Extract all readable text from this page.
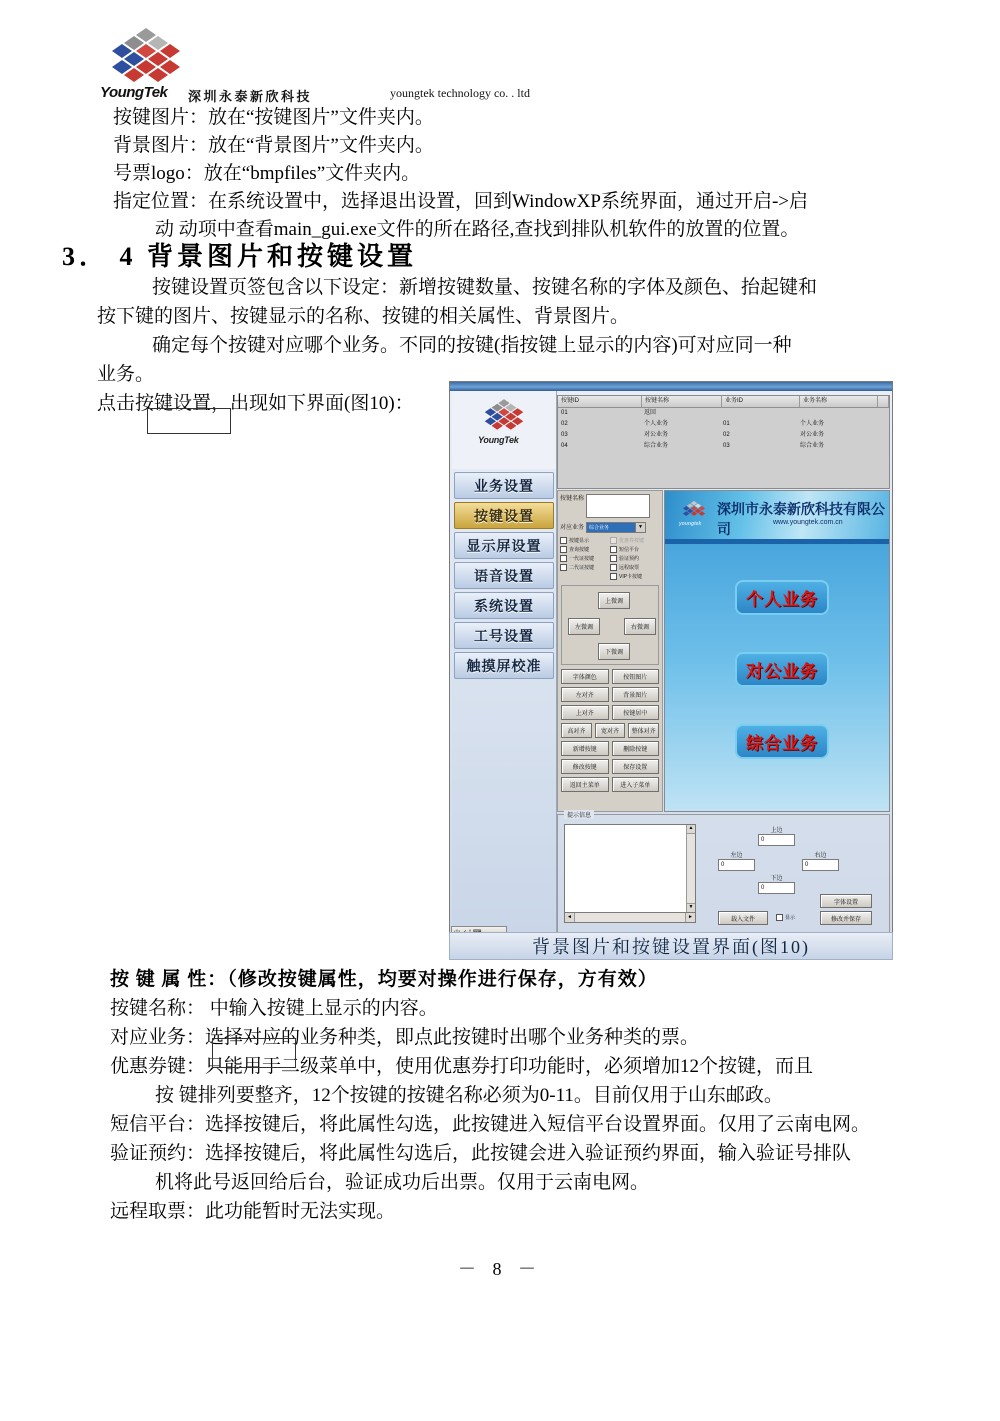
YoungTek 深圳永泰新欣科技	youngtek technology co. . ltd
按键图片：放在“按键图片”文件夹内。
背景图片：放在“背景图片”文件夹内。
号票logo：放在“bmpfiles”文件夹内。
指定位置：在系统设置中，选择退出设置，回到WindowXP系统界面，通过开启->启
动 动项中查看main_gui.exe文件的所在路径,查找到排队机软件的放置的位置。
3． 4 背景图片和按键设置
按键设置页签包含以下设定：新增按键数量、按键名称的字体及颜色、抬起键和
按下键的图片、按键显示的名称、按键的相关属性、背景图片。
确定每个按键对应哪个业务。不同的按键(指按键上显示的内容)可对应同一种
业务。
点击按键设置，出现如下界面(图10)：
YoungTek
业务设置
按键设置
显示屏设置
语音设置
系统设置
工号设置
触摸屏校准
按键ID	按键名称	业务ID	业务名称
01	返回
02	个人业务	01	个人业务
03	对公业务	02	对公业务
04	综合业务	03	综合业务
按键名称
对应业务	综合业务	▼
按键显示
查询按键
一代证按键
二代证按键
优惠券按键
短信平台
验证预约
远程取票
VIP卡按键
上微调
左微调	右微调
下微调
字体颜色	按钮图片
左对齐	背景图片
上对齐	按键居中
高对齐	宽对齐	整体对齐
新增按键	删除按键
修改按键	保存设置
返回主菜单	进入子菜单
youngtek
深圳市永泰新欣科技有限公司
www.youngtek.com.cn
个人业务
对公业务
综合业务
提示信息
▲
▼
◄	►
上边
0
左边
0
右边
0
下边
0
载入文件	显示
字体设置
修改并保存
背景图片和按键设置界面(图10)
按 键 属 性：（修改按键属性，均要对操作进行保存，方有效）
按键名称： 中输入按键上显示的内容。
对应业务：选择对应的业务种类，即点此按键时出哪个业务种类的票。
优惠券键：只能用于二级菜单中，使用优惠券打印功能时，必须增加12个按键，而且
按 键排列要整齐，12个按键的按键名称必须为0-11。目前仅用于山东邮政。
短信平台：选择按键后，将此属性勾选，此按键进入短信平台设置界面。仅用了云南电网。
验证预约：选择按键后，将此属性勾选后，此按键会进入验证预约界面，输入验证号排队
机将此号返回给后台，验证成功后出票。仅用于云南电网。
远程取票：此功能暂时无法实现。
－ 8 －
